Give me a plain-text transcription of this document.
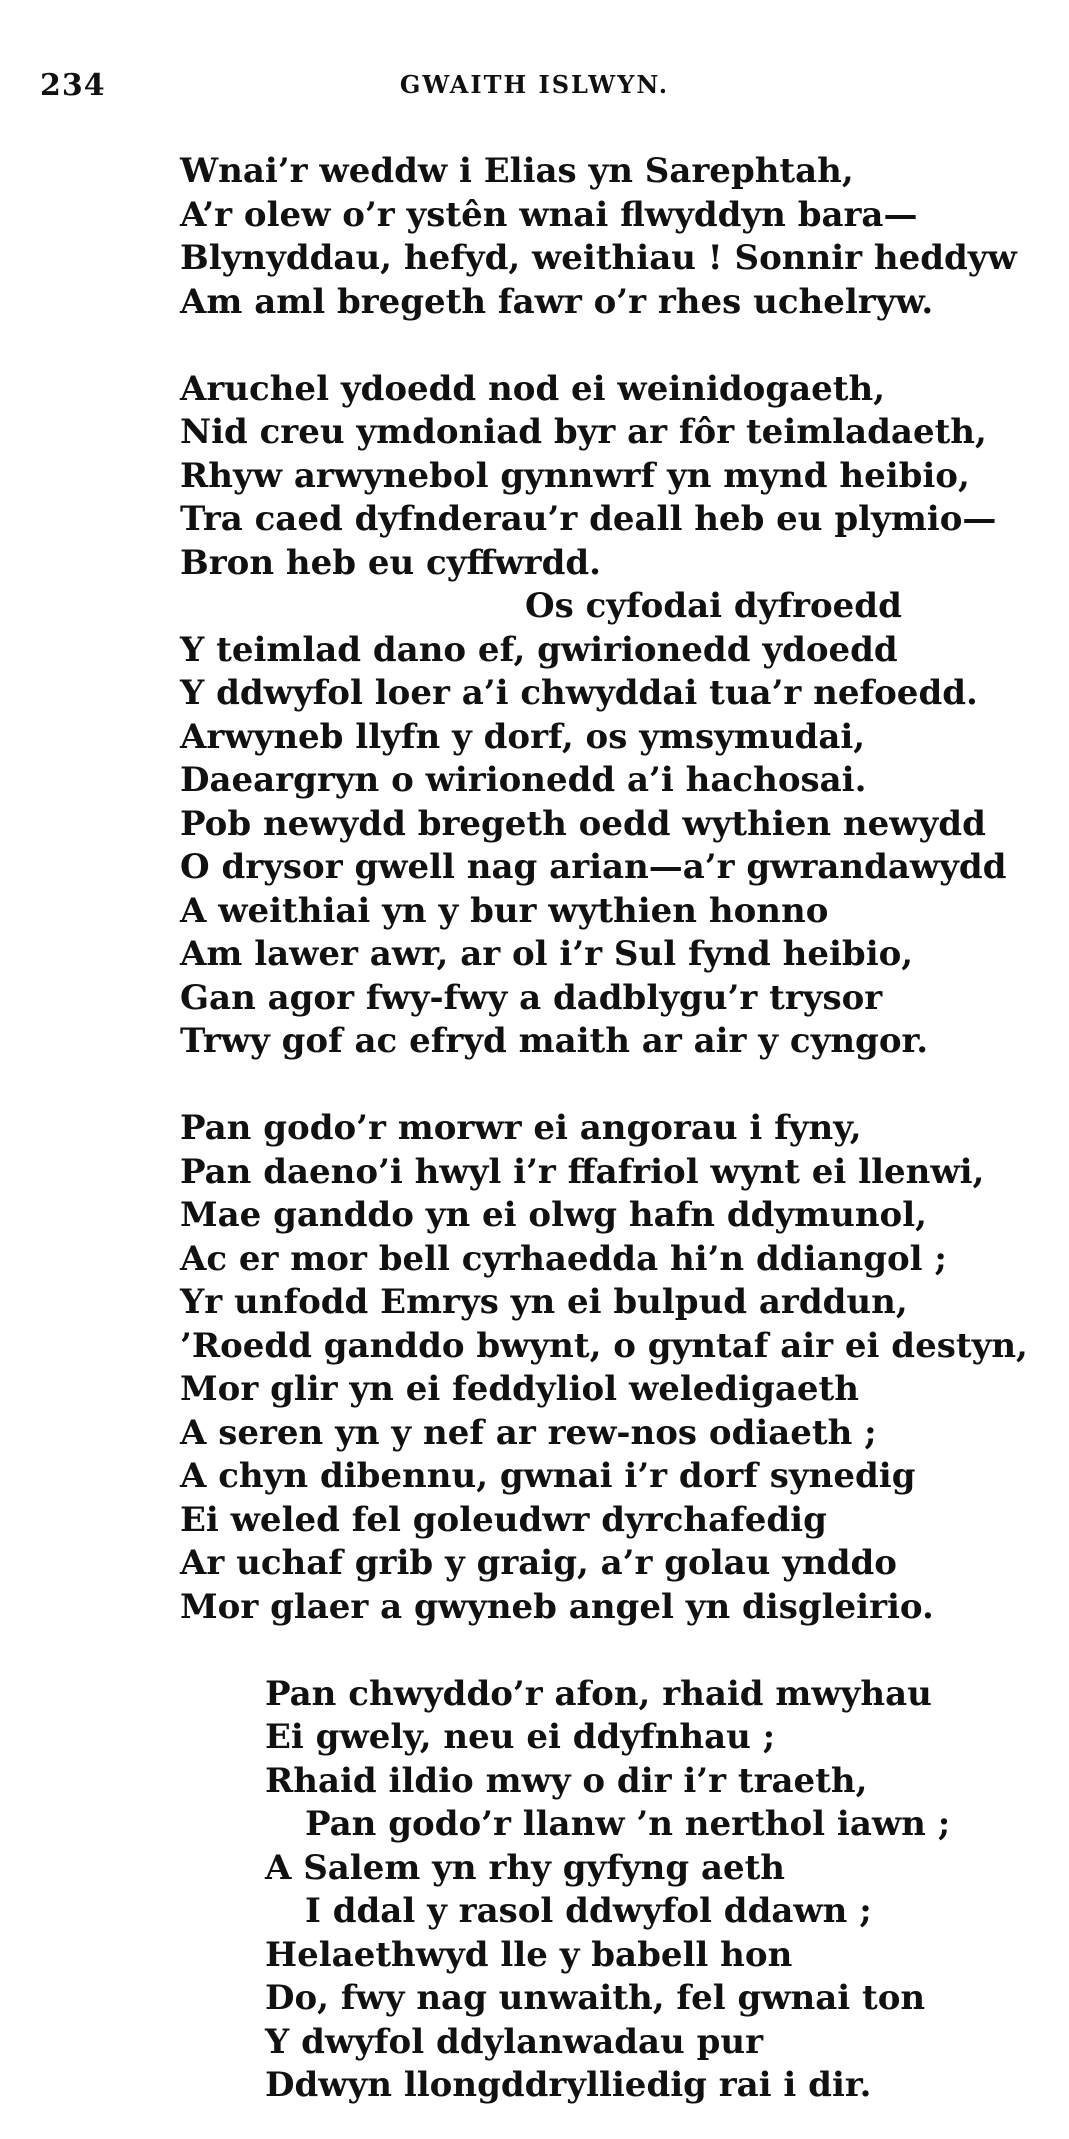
234	GWAITH ISLWYN.
Wnai’r weddw i Elias yn Sarephtah,
A’r olew o’r ystên wnai flwyddyn bara—
Blynyddau, hefyd, weithiau ! Sonnir heddyw
Am aml bregeth fawr o’r rhes uchelryw.
Aruchel ydoedd nod ei weinidogaeth,
Nid creu ymdoniad byr ar fôr teimladaeth,
Rhyw arwynebol gynnwrf yn mynd heibio,
Tra caed dyfnderau’r deall heb eu plymio—
Bron heb eu cyffwrdd.
Os cyfodai dyfroedd
Y teimlad dano ef, gwirionedd ydoedd
Y ddwyfol loer a’i chwyddai tua’r nefoedd.
Arwyneb llyfn y dorf, os ymsymudai,
Daeargryn o wirionedd a’i hachosai.
Pob newydd bregeth oedd wythien newydd
O drysor gwell nag arian—a’r gwrandawydd
A weithiai yn y bur wythien honno
Am lawer awr, ar ol i’r Sul fynd heibio,
Gan agor fwy-fwy a dadblygu’r trysor
Trwy gof ac efryd maith ar air y cyngor.
Pan godo’r morwr ei angorau i fyny,
Pan daeno’i hwyl i’r ffafriol wynt ei llenwi,
Mae ganddo yn ei olwg hafn ddymunol,
Ac er mor bell cyrhaedda hi’n ddiangol ;
Yr unfodd Emrys yn ei bulpud arddun,
’Roedd ganddo bwynt, o gyntaf air ei destyn,
Mor glir yn ei feddyliol weledigaeth
A seren yn y nef ar rew-nos odiaeth ;
A chyn dibennu, gwnai i’r dorf synedig
Ei weled fel goleudwr dyrchafedig
Ar uchaf grib y graig, a’r golau ynddo
Mor glaer a gwyneb angel yn disgleirio.
Pan chwyddo’r afon, rhaid mwyhau
Ei gwely, neu ei ddyfnhau ;
Rhaid ildio mwy o dir i’r traeth,
Pan godo’r llanw ’n nerthol iawn ;
A Salem yn rhy gyfyng aeth
I ddal y rasol ddwyfol ddawn ;
Helaethwyd lle y babell hon
Do, fwy nag unwaith, fel gwnai ton
Y dwyfol ddylanwadau pur
Ddwyn llongddrylliedig rai i dir.
